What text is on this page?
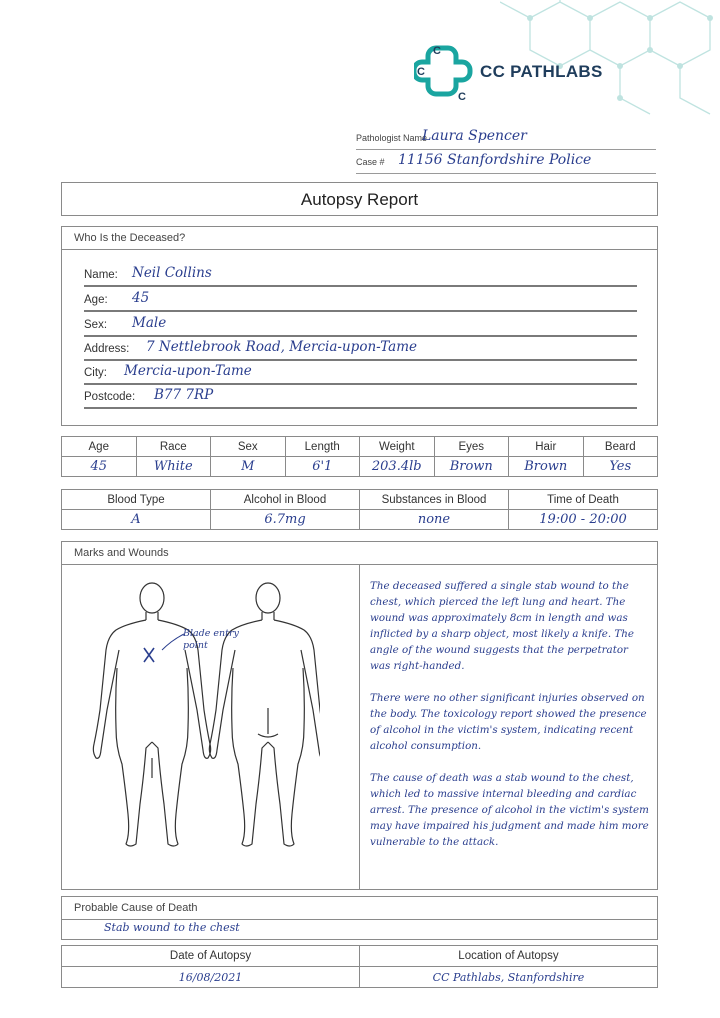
C
C
C
CC PATHLABS
Pathologist Name
Laura Spencer
Case # 11156 Stanfordshire Police
Autopsy Report
Who Is the Deceased?
Name: Neil Collins
Age: 45
Sex: Male
Address: 7 Nettlebrook Road, Mercia-upon-Tame
City: Mercia-upon-Tame
Postcode: B77 7RP
Age	Race	Sex	Length	Weight	Eyes	Hair	Beard
45	White	M	6'1	203.4lb	Brown	Brown	Yes
Blood Type	Alcohol in Blood	Substances in Blood	Time of Death
A	6.7mg	none	19:00 - 20:00
Marks and Wounds
Blade entry point

The deceased suffered a single stab wound to the chest, which pierced the left lung and heart. The wound was approximately 8cm in length and was inflicted by a sharp object, most likely a knife. The angle of the wound suggests that the perpetrator was right-handed.

There were no other significant injuries observed on the body. The toxicology report showed the presence of alcohol in the victim's system, indicating recent alcohol consumption.

The cause of death was a stab wound to the chest, which led to massive internal bleeding and cardiac arrest. The presence of alcohol in the victim's system may have impaired his judgment and made him more vulnerable to the attack.

Probable Cause of Death
Stab wound to the chest
Date of Autopsy	Location of Autopsy
16/08/2021	CC Pathlabs, Stanfordshire
